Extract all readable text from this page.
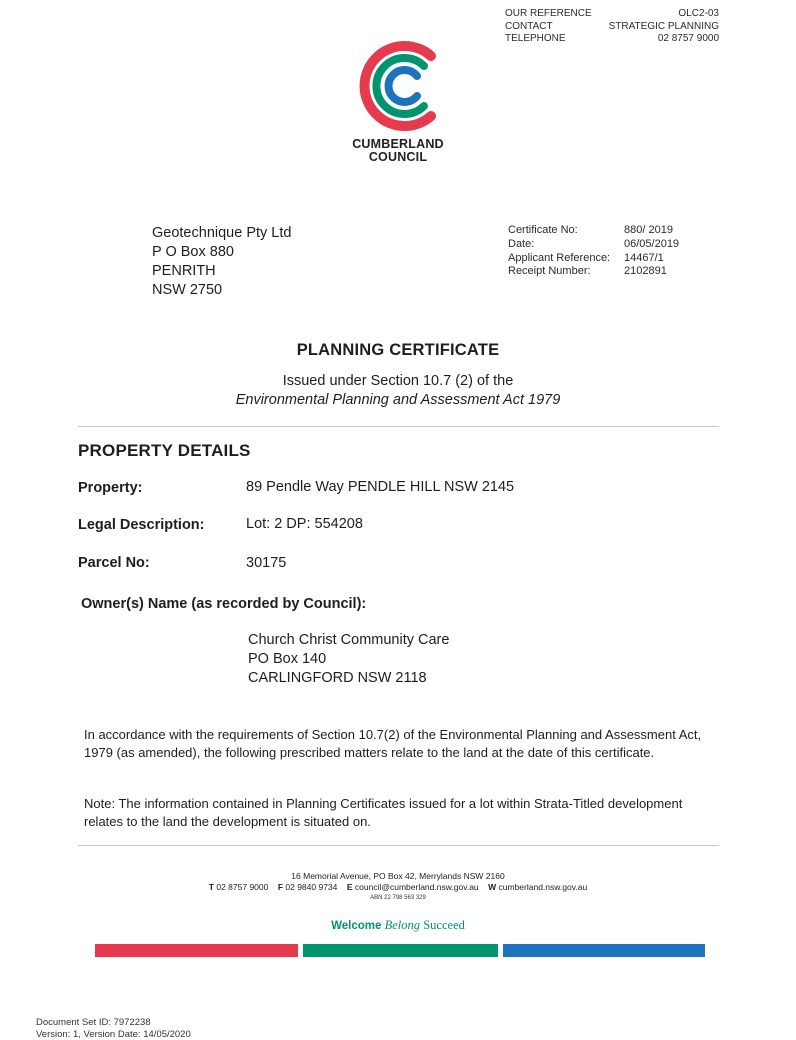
OUR REFERENCE	OLC2-03
CONTACT	STRATEGIC PLANNING
TELEPHONE	02 8757 9000
CUMBERLAND
COUNCIL
Geotechnique Pty Ltd
P O Box 880
PENRITH
NSW 2750
Certificate No:	880/ 2019
Date:	06/05/2019
Applicant Reference:	14467/1
Receipt Number:	2102891
PLANNING CERTIFICATE
Issued under Section 10.7 (2) of the
Environmental Planning and Assessment Act 1979
PROPERTY DETAILS
Property:	89 Pendle Way PENDLE HILL NSW 2145
Legal Description:	Lot: 2 DP: 554208
Parcel No:	30175
Owner(s) Name (as recorded by Council):
Church Christ Community Care
PO Box 140
CARLINGFORD NSW 2118
In accordance with the requirements of Section 10.7(2) of the Environmental Planning and Assessment Act, 1979 (as amended), the following prescribed matters relate to the land at the date of this certificate.
Note: The information contained in Planning Certificates issued for a lot within Strata-Titled development relates to the land the development is situated on.
16 Memorial Avenue, PO Box 42, Merrylands NSW 2160
T 02 8757 9000 F 02 9840 9734 E council@cumberland.nsw.gov.au W cumberland.nsw.gov.au
ABN 22 798 563 329
Welcome Belong Succeed
Document Set ID: 7972238
Version: 1, Version Date: 14/05/2020
